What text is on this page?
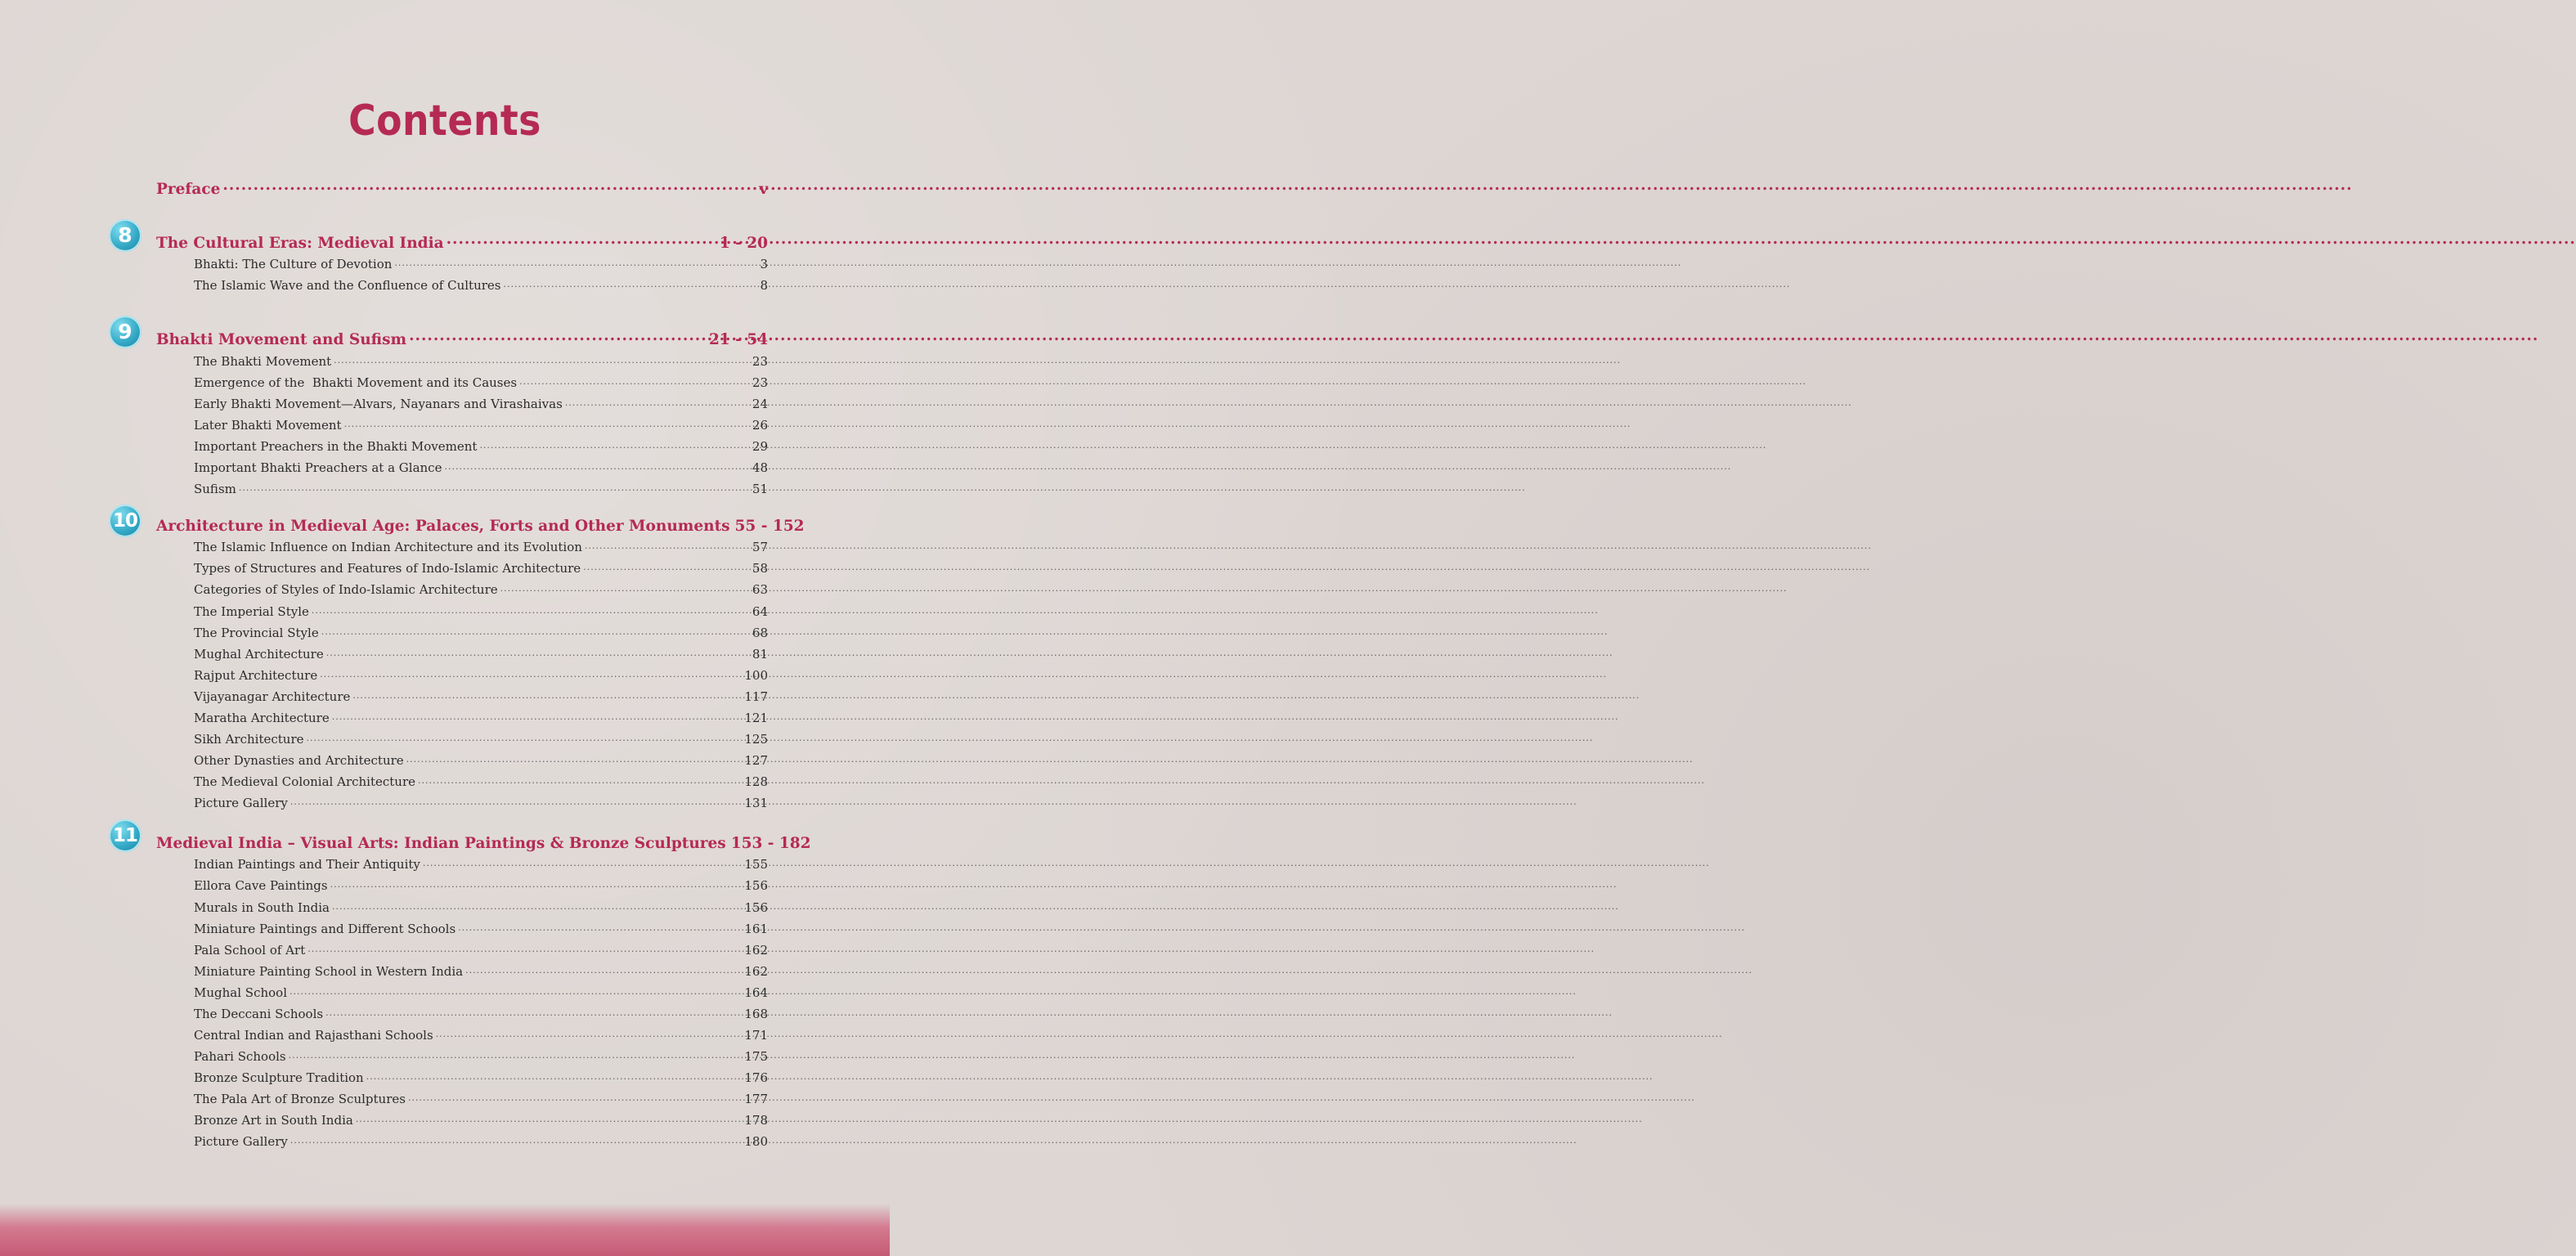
Contents
Preface .....	v
8	The Cultural Eras: Medieval India .....	1 - 20
Bhakti: The Culture of Devotion .....	3
The Islamic Wave and the Confluence of Cultures .....	8
9	Bhakti Movement and Sufism .....	21 - 54
The Bhakti Movement .....	23
Emergence of the  Bhakti Movement and its Causes .....	23
Early Bhakti Movement—Alvars, Nayanars and Virashaivas .....	24
Later Bhakti Movement .....	26
Important Preachers in the Bhakti Movement .....	29
Important Bhakti Preachers at a Glance .....	48
Sufism .....	51
10 Architecture in Medieval Age: Palaces, Forts and Other Monuments 55 - 152
The Islamic Influence on Indian Architecture and its Evolution .....	57
Types of Structures and Features of Indo-Islamic Architecture .....	58
Categories of Styles of Indo-Islamic Architecture .....	63
The Imperial Style .....	64
The Provincial Style .....	68
Mughal Architecture .....	81
Rajput Architecture .....	100
Vijayanagar Architecture .....	117
Maratha Architecture .....	121
Sikh Architecture .....	125
Other Dynasties and Architecture .....	127
The Medieval Colonial Architecture .....	128
Picture Gallery .....	131
11 Medieval India – Visual Arts: Indian Paintings & Bronze Sculptures 153 - 182
Indian Paintings and Their Antiquity .....	155
Ellora Cave Paintings .....	156
Murals in South India .....	156
Miniature Paintings and Different Schools .....	161
Pala School of Art .....	162
Miniature Painting School in Western India .....	162
Mughal School .....	164
The Deccani Schools .....	168
Central Indian and Rajasthani Schools .....	171
Pahari Schools .....	175
Bronze Sculpture Tradition .....	176
The Pala Art of Bronze Sculptures .....	177
Bronze Art in South India .....	178
Picture Gallery .....	180
